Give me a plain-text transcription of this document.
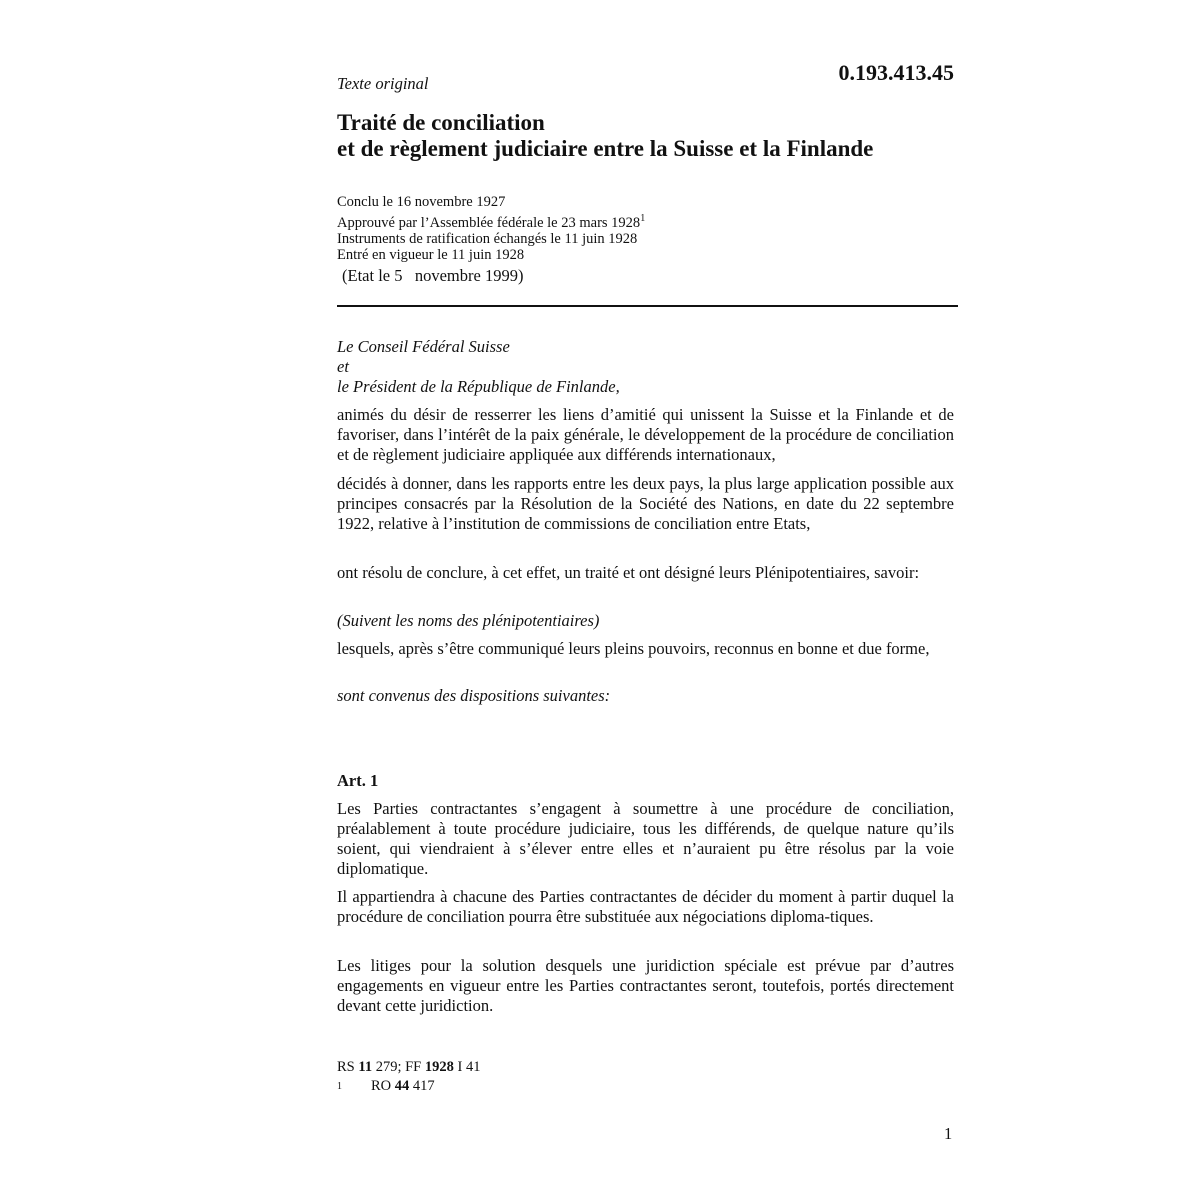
0.193.413.45
Texte original
Traité de conciliation
et de règlement judiciaire entre la Suisse et la Finlande

Conclu le 16 novembre 1927

Approuvé par l’Assemblée fédérale le 23 mars 1928$^1$

Instruments de ratification échangés le 11 juin 1928

Entré en vigueur le 11 juin 1928

(Etat le 5   novembre 1999)

Le Conseil Fédéral Suisse

et

le Président de la République de Finlande,

animés du désir de resserrer les liens d’amitié qui unissent la Suisse et la Finlande et de favoriser, dans l’intérêt de la paix générale, le développement de la procédure de conciliation et de règlement judiciaire appliquée aux différends internationaux,

décidés à donner, dans les rapports entre les deux pays, la plus large application possible aux principes consacrés par la Résolution de la Société des Nations, en date du 22 septembre 1922, relative à l’institution de commissions de conciliation entre Etats,

ont résolu de conclure, à cet effet, un traité et ont désigné leurs Plénipotentiaires, savoir:

(Suivent les noms des plénipotentiaires)

lesquels, après s’être communiqué leurs pleins pouvoirs, reconnus en bonne et due forme,

sont convenus des dispositions suivantes:

Art. 1

Les Parties contractantes s’engagent à soumettre à une procédure de conciliation, préalablement à toute procédure judiciaire, tous les différends, de quelque nature qu’ils soient, qui viendraient à s’élever entre elles et n’auraient pu être résolus par la voie diplomatique.

Il appartiendra à chacune des Parties contractantes de décider du moment à partir duquel la procédure de conciliation pourra être substituée aux négociations diploma-tiques.

Les litiges pour la solution desquels une juridiction spéciale est prévue par d’autres engagements en vigueur entre les Parties contractantes seront, toutefois, portés directement devant cette juridiction.

RS 11 279; FF 1928 I 41
1 RO 44 417
1
